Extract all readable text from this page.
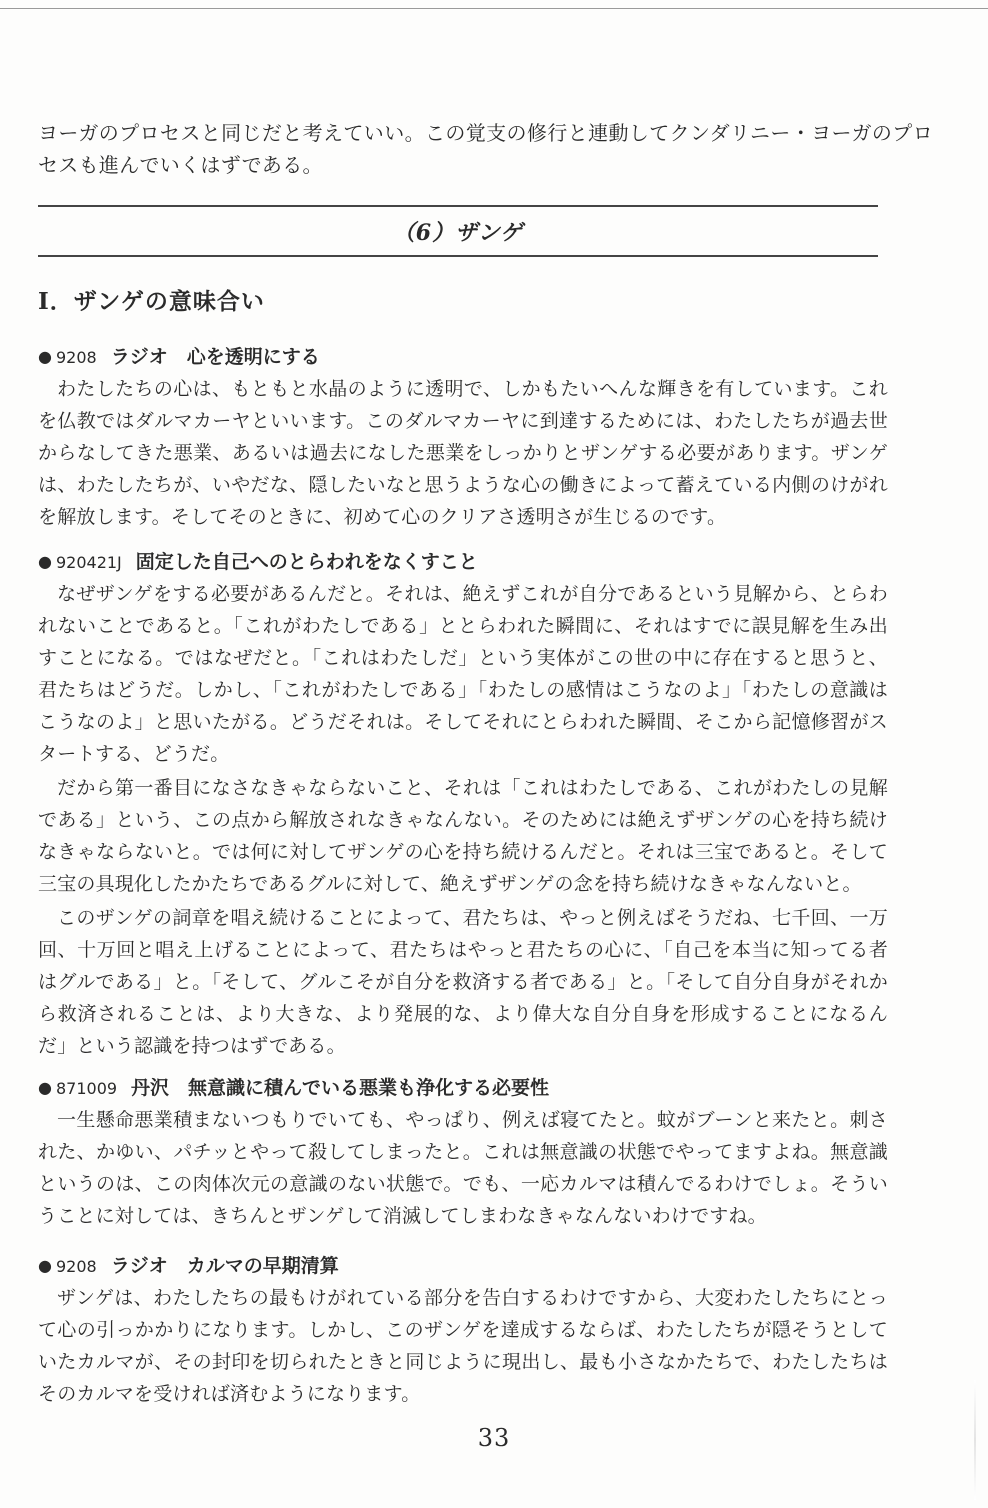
ヨーガのプロセスと同じだと考えていい。この覚支の修行と連動してクンダリニー・ヨーガのプロセスも進んでいくはずである。

（6）ザンゲ
Ⅰ．ザンゲの意味合い
● 9208 ラジオ　心を透明にする

わたしたちの心は、もともと水晶のように透明で、しかもたいへんな輝きを有しています。これを仏教ではダルマカーヤといいます。このダルマカーヤに到達するためには、わたしたちが過去世からなしてきた悪業、あるいは過去になした悪業をしっかりとザンゲする必要があります。ザンゲは、わたしたちが、いやだな、隠したいなと思うような心の働きによって蓄えている内側のけがれを解放します。そしてそのときに、初めて心のクリアさ透明さが生じるのです。

● 920421J 固定した自己へのとらわれをなくすこと

なぜザンゲをする必要があるんだと。それは、絶えずこれが自分であるという見解から、とらわれないことであると。「これがわたしである」ととらわれた瞬間に、それはすでに誤見解を生み出すことになる。ではなぜだと。「これはわたしだ」という実体がこの世の中に存在すると思うと、君たちはどうだ。しかし、「これがわたしである」「わたしの感情はこうなのよ」「わたしの意識はこうなのよ」と思いたがる。どうだそれは。そしてそれにとらわれた瞬間、そこから記憶修習がスタートする、どうだ。

だから第一番目になさなきゃならないこと、それは「これはわたしである、これがわたしの見解である」という、この点から解放されなきゃなんない。そのためには絶えずザンゲの心を持ち続けなきゃならないと。では何に対してザンゲの心を持ち続けるんだと。それは三宝であると。そして三宝の具現化したかたちであるグルに対して、絶えずザンゲの念を持ち続けなきゃなんないと。

このザンゲの詞章を唱え続けることによって、君たちは、やっと例えばそうだね、七千回、一万回、十万回と唱え上げることによって、君たちはやっと君たちの心に、「自己を本当に知ってる者はグルである」と。「そして、グルこそが自分を救済する者である」と。「そして自分自身がそれから救済されることは、より大きな、より発展的な、より偉大な自分自身を形成することになるんだ」という認識を持つはずである。

● 871009 丹沢　無意識に積んでいる悪業も浄化する必要性

一生懸命悪業積まないつもりでいても、やっぱり、例えば寝てたと。蚊がブーンと来たと。刺された、かゆい、パチッとやって殺してしまったと。これは無意識の状態でやってますよね。無意識というのは、この肉体次元の意識のない状態で。でも、一応カルマは積んでるわけでしょ。そういうことに対しては、きちんとザンゲして消滅してしまわなきゃなんないわけですね。

● 9208 ラジオ　カルマの早期清算

ザンゲは、わたしたちの最もけがれている部分を告白するわけですから、大変わたしたちにとって心の引っかかりになります。しかし、このザンゲを達成するならば、わたしたちが隠そうとしていたカルマが、その封印を切られたときと同じように現出し、最も小さなかたちで、わたしたちはそのカルマを受ければ済むようになります。

33
